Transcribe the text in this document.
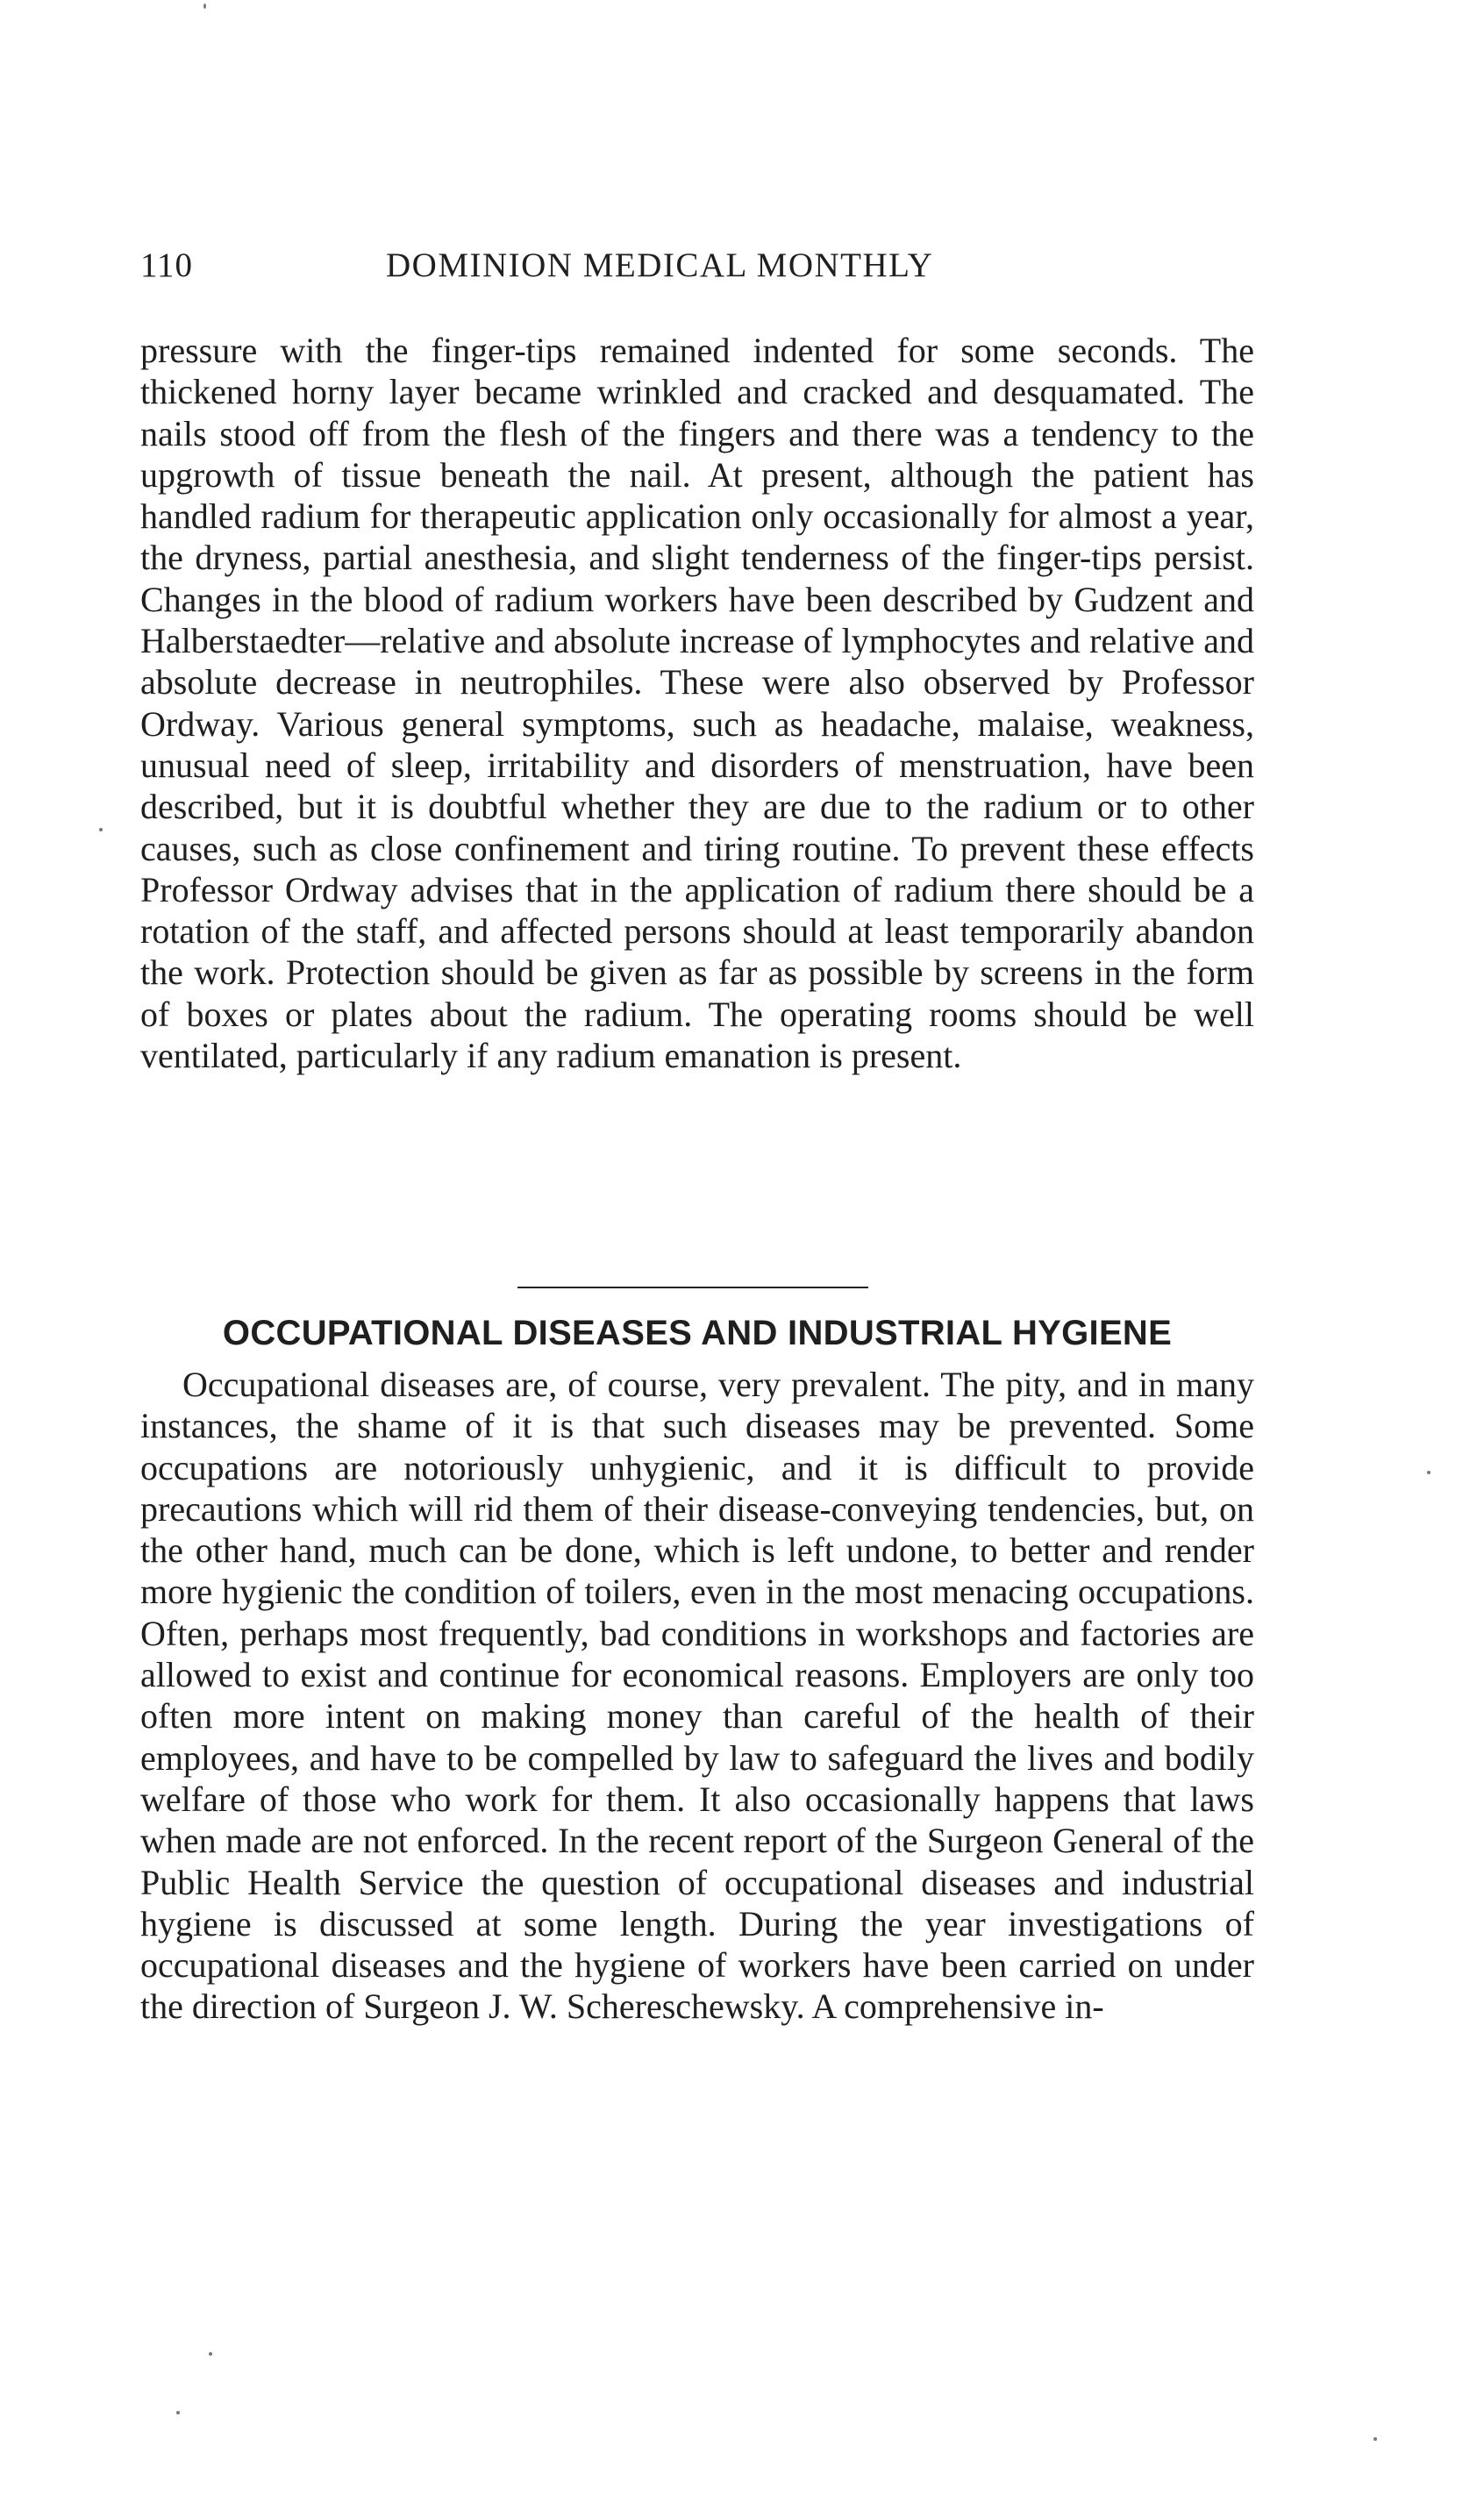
110	DOMINION MEDICAL MONTHLY

pressure with the finger-tips remained indented for some seconds. The thickened horny layer became wrinkled and cracked and desquamated. The nails stood off from the flesh of the fingers and there was a tendency to the upgrowth of tissue beneath the nail. At present, although the patient has handled radium for therapeutic application only occasionally for almost a year, the dryness, partial anesthesia, and slight tenderness of the finger-tips persist. Changes in the blood of radium workers have been described by Gudzent and Halberstaedter—relative and absolute increase of lymphocytes and relative and absolute decrease in neutrophiles. These were also observed by Professor Ordway. Various general symptoms, such as headache, malaise, weakness, unusual need of sleep, irritability and disorders of menstruation, have been described, but it is doubtful whether they are due to the radium or to other causes, such as close confinement and tiring routine. To prevent these effects Professor Ordway advises that in the application of radium there should be a rotation of the staff, and affected persons should at least temporarily abandon the work. Protection should be given as far as possible by screens in the form of boxes or plates about the radium. The operating rooms should be well ventilated, particularly if any radium emanation is present.

OCCUPATIONAL DISEASES AND INDUSTRIAL HYGIENE

Occupational diseases are, of course, very prevalent. The pity, and in many instances, the shame of it is that such diseases may be prevented. Some occupations are notoriously unhygienic, and it is difficult to provide precautions which will rid them of their disease-conveying tendencies, but, on the other hand, much can be done, which is left undone, to better and render more hygienic the condition of toilers, even in the most menacing occupations. Often, perhaps most frequently, bad conditions in workshops and factories are allowed to exist and continue for economical reasons. Employers are only too often more intent on making money than careful of the health of their employees, and have to be compelled by law to safeguard the lives and bodily welfare of those who work for them. It also occasionally happens that laws when made are not enforced. In the recent report of the Surgeon General of the Public Health Service the question of occupational diseases and industrial hygiene is discussed at some length. During the year investigations of occupational diseases and the hygiene of workers have been carried on under the direction of Surgeon J. W. Schereschewsky. A comprehensive in-
